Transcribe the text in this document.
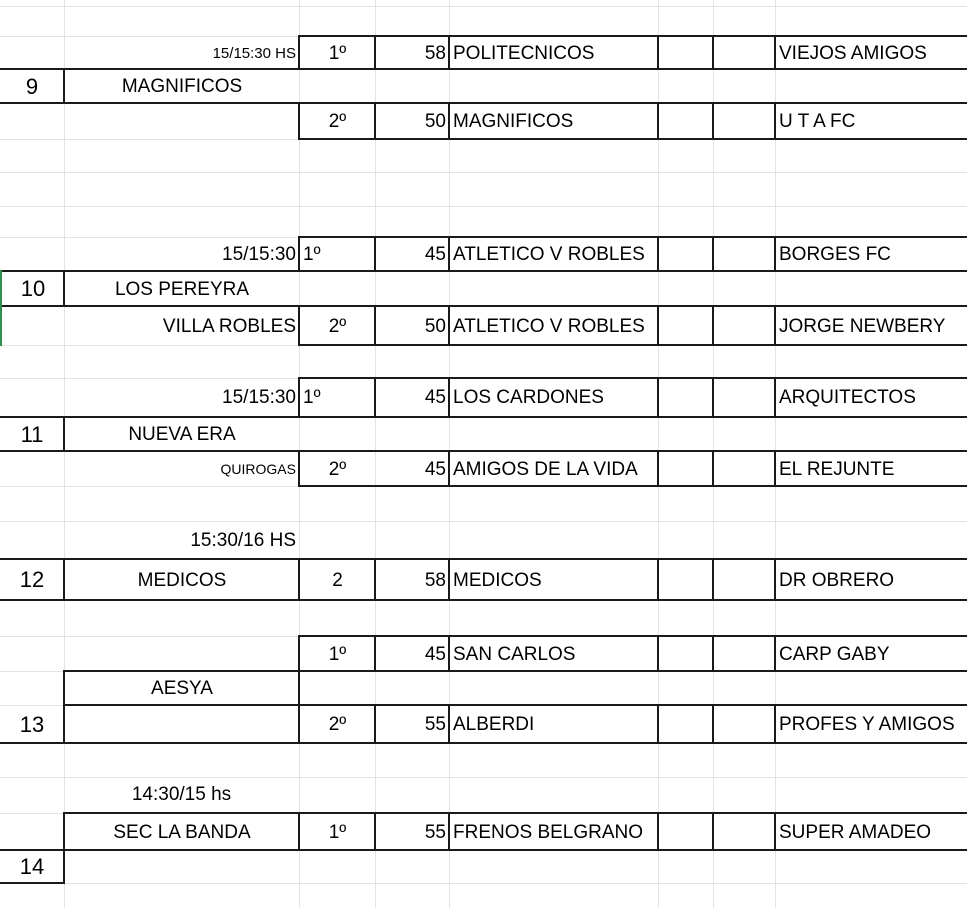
15/15:30 HS	1º	58 POLITECNICOS	VIEJOS AMIGOS
9	MAGNIFICOS
2º	50 MAGNIFICOS	U T A FC
15/15:30 1º	45 ATLETICO V ROBLES	BORGES FC
10	LOS PEREYRA
VILLA ROBLES	2º	50 ATLETICO V ROBLES	JORGE NEWBERY
15/15:30 1º	45 LOS CARDONES	ARQUITECTOS
11	NUEVA ERA
QUIROGAS	2º	45 AMIGOS DE LA VIDA	EL REJUNTE
15:30/16 HS
12	MEDICOS	2	58 MEDICOS	DR OBRERO
1º	45 SAN CARLOS	CARP GABY
AESYA
13	2º	55 ALBERDI	PROFES Y AMIGOS
14:30/15 hs
SEC LA BANDA	1º	55 FRENOS BELGRANO	SUPER AMADEO
14
